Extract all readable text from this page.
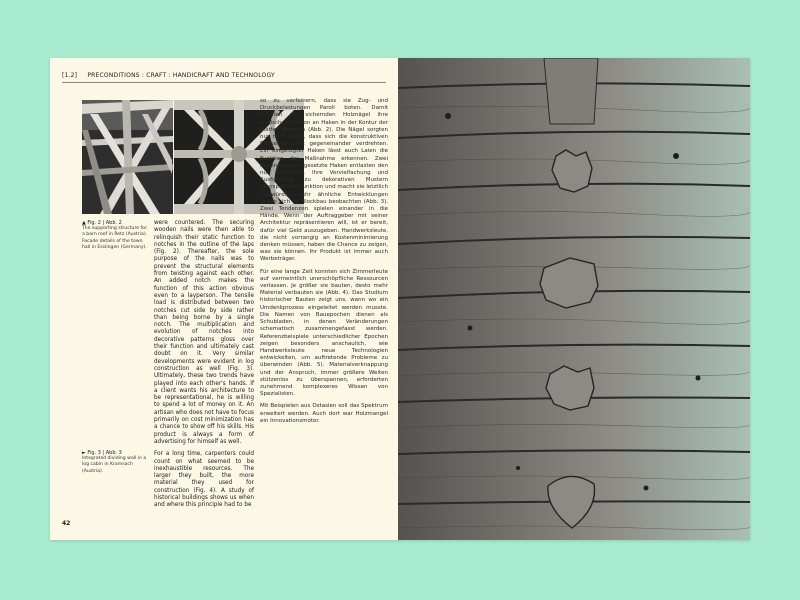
[1.2] PRECONDITIONS : CRAFT : HANDICRAFT AND TECHNOLOGY
▲ Fig. 2 | Abb. 2
The supporting structure for a barn roof in Retz (Austria). Facade details of the town hall in Esslingen (Germany).
► Fig. 3 | Abb. 3
Integrated dividing wall in a log cabin in Kramsach (Austria).

were countered. The securing wooden nails were then able to relinquish their static function to notches in the outline of the laps (Fig. 2). Thereafter, the sole purpose of the nails was to prevent the structural elements from twisting against each other. An added notch makes the function of this action obvious even to a layperson. The tensile load is distributed between two notches cut side by side rather than being borne by a single notch. The multiplication and evolution of notches into decorative patterns gloss over their function and ultimately cast doubt on it. Very similar developments were evident in log construction as well (Fig. 3). Ultimately, these two trends have played into each other's hands. If a client wants his architecture to be representational, he is willing to spend a lot of money on it. An artisan who does not have to focus primarily on cost minimization has a chance to show off his skills. His product is always a form of advertising for himself as well.

For a long time, carpenters could count on what seemed to be inexhaustible resources. The larger they built, the more material they used for construction (Fig. 4). A study of historical buildings shows us when and where this principle had to be

so zu verfeinern, dass sie Zug- und Druckbelastungen Paroli boten. Damit konnten die sichernden Holznägel ihre statische Funktion an Haken in der Kontur der Blätter abtreten (Abb. 2). Die Nägel sorgten nur noch dafür, dass sich die konstruktiven Elemente nicht gegeneinander verdrehten. Ein eingefügter Haken lässt auch Laien die Funktion der Maßnahme erkennen. Zwei nebeneinander gesetzte Haken entlasten den nur einfachen. Ihre Vervielfachung und Ausformung zu dekorativen Mustern überspielt die Funktion und macht sie letztlich fragwürdig. Sehr ähnliche Entwicklungen ließen sich im Blockbau beobachten (Abb. 3). Zwei Tendenzen spielen einander in die Hände. Wenn der Auftraggeber mit seiner Architektur repräsentieren will, ist er bereit, dafür viel Geld auszugeben. Handwerksleute, die nicht vorrangig an Kostenminimierung denken müssen, haben die Chance zu zeigen, was sie können. Ihr Produkt ist immer auch Werbeträger.

Für eine lange Zeit konnten sich Zimmerleute auf vermeintlich unerschöpfliche Ressourcen verlassen. Je größer sie bauten, desto mehr Material verbauten sie (Abb. 4). Das Studium historischer Bauten zeigt uns, wann wo ein Umdenkprozess eingeleitet werden musste. Die Namen von Bauepochen dienen als Schubladen, in denen Veränderungen schematisch zusammengefasst werden. Referenzbeispiele unterschiedlicher Epochen zeigen besonders anschaulich, wie Handwerksleute neue Technologien entwickelten, um auftretende Probleme zu überwinden (Abb. 5). Materialverknappung und der Anspruch, immer größere Weiten stützenlos zu überspannen, erforderten zunehmend komplexeres Wissen von Spezialisten.

Mit Beispielen aus Ostasien soll das Spektrum erweitert werden. Auch dort war Holzmangel ein Innovationsmotor.

42
